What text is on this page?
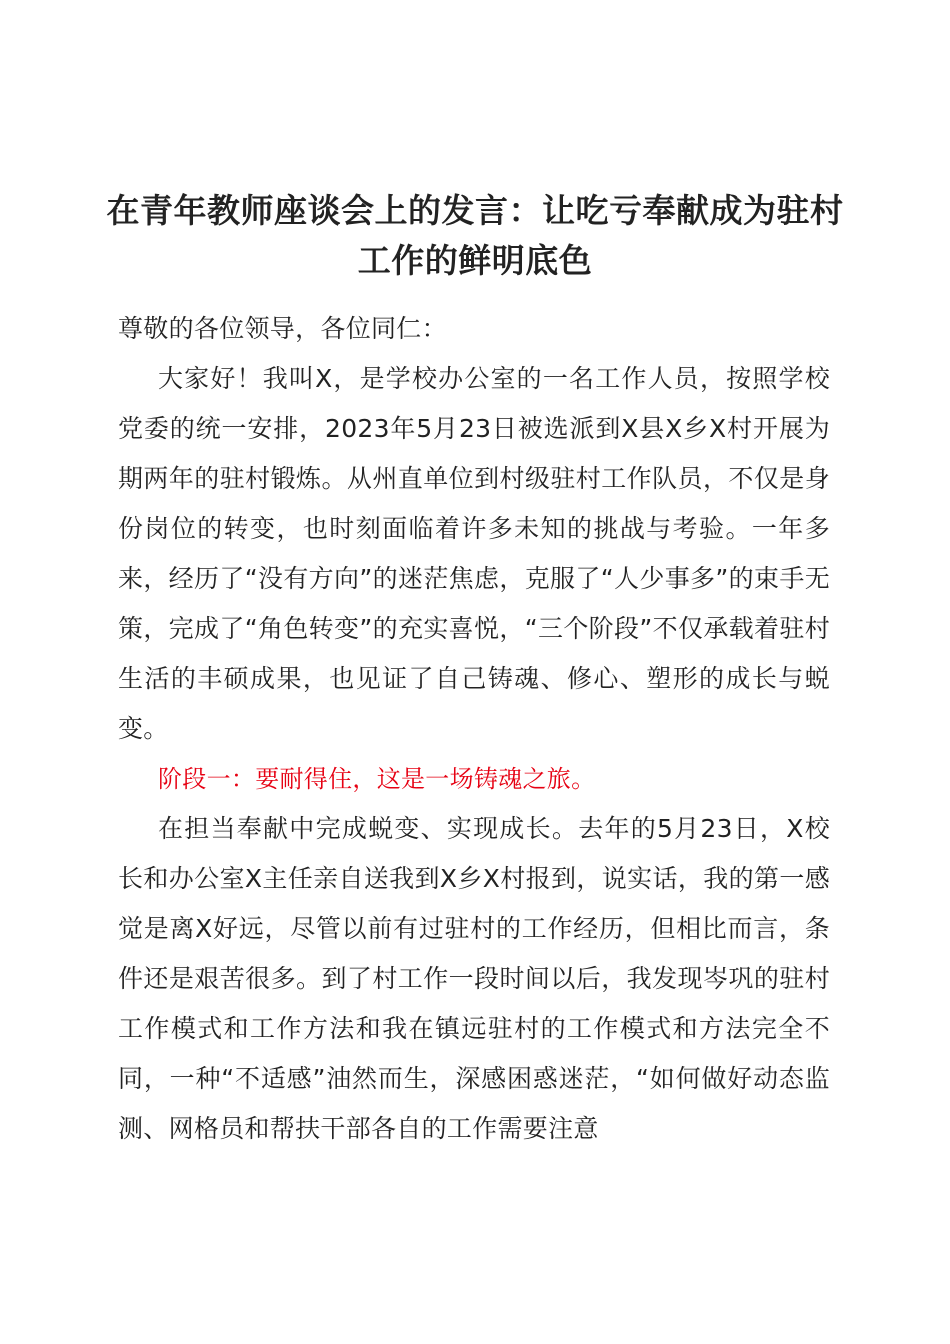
在青年教师座谈会上的发言：让吃亏奉献成为驻村工作的鲜明底色

尊敬的各位领导，各位同仁：

大家好！我叫X，是学校办公室的一名工作人员，按照学校党委的统一安排，2023年5月23日被选派到X县X乡X村开展为期两年的驻村锻炼。从州直单位到村级驻村工作队员，不仅是身份岗位的转变，也时刻面临着许多未知的挑战与考验。一年多来，经历了“没有方向”的迷茫焦虑，克服了“人少事多”的束手无策，完成了“角色转变”的充实喜悦，“三个阶段”不仅承载着驻村生活的丰硕成果，也见证了自己铸魂、修心、塑形的成长与蜕变。

阶段一：要耐得住，这是一场铸魂之旅。

在担当奉献中完成蜕变、实现成长。去年的5月23日，X校长和办公室X主任亲自送我到X乡X村报到，说实话，我的第一感觉是离X好远，尽管以前有过驻村的工作经历，但相比而言，条件还是艰苦很多。到了村工作一段时间以后，我发现岑巩的驻村工作模式和工作方法和我在镇远驻村的工作模式和方法完全不同，一种“不适感”油然而生，深感困惑迷茫，“如何做好动态监测、网格员和帮扶干部各自的工作需要注意
